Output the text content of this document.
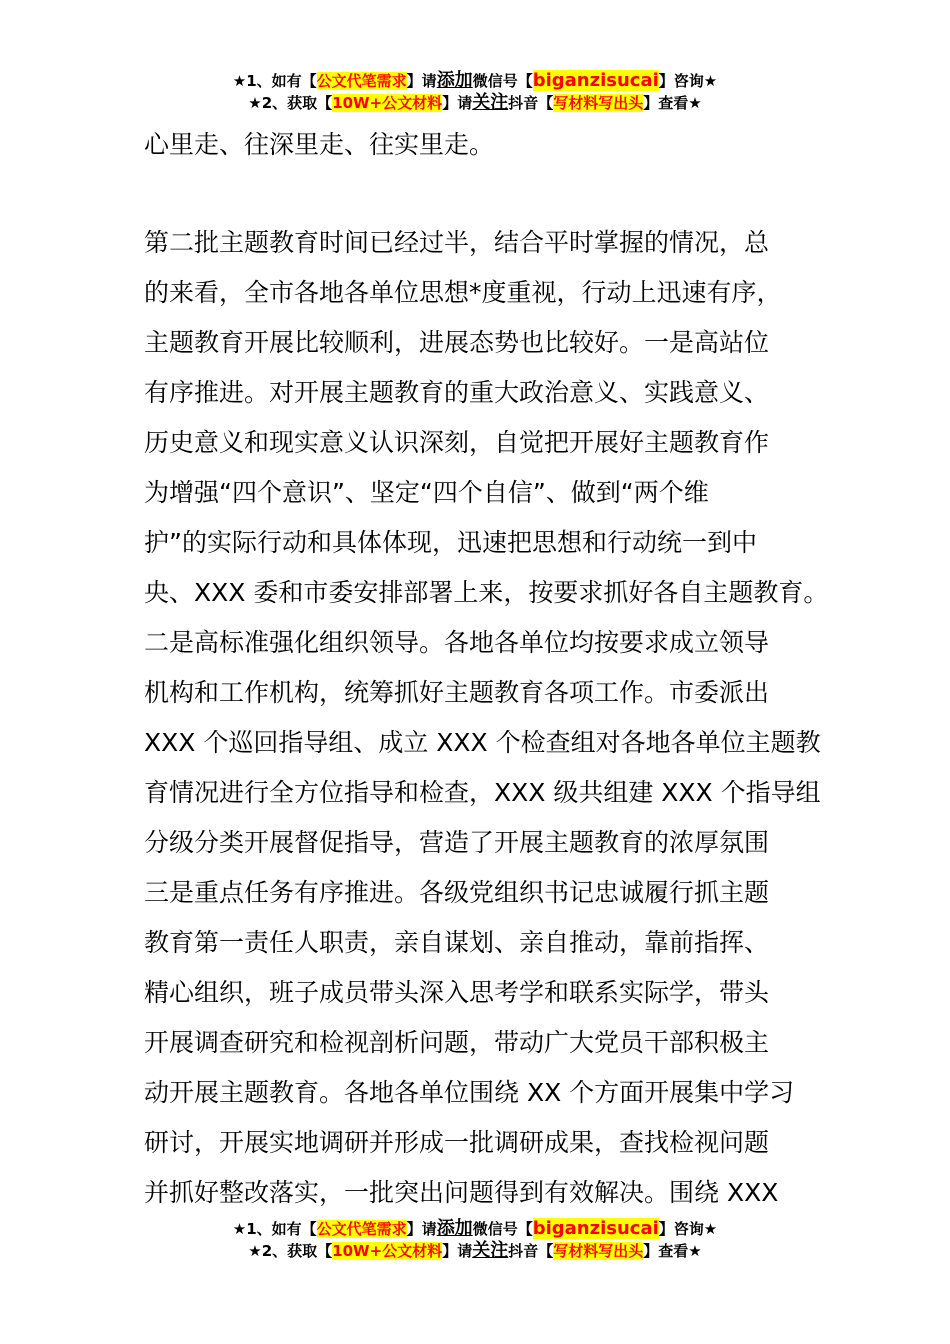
★1、如有【公文代笔需求】请添加微信号【biganzisucai】咨询★
★2、获取【10W+公文材料】请关注抖音【写材料写出头】查看★
心里走、往深里走、往实里走。
第二批主题教育时间已经过半，结合平时掌握的情况，总
的来看，全市各地各单位思想*度重视，行动上迅速有序，
主题教育开展比较顺利，进展态势也比较好。一是高站位
有序推进。对开展主题教育的重大政治意义、实践意义、
历史意义和现实意义认识深刻，自觉把开展好主题教育作
为增强“四个意识”、坚定“四个自信”、做到“两个维
护”的实际行动和具体体现，迅速把思想和行动统一到中
央、XXX 委和市委安排部署上来，按要求抓好各自主题教育。
二是高标准强化组织领导。各地各单位均按要求成立领导
机构和工作机构，统筹抓好主题教育各项工作。市委派出
XXX 个巡回指导组、成立 XXX 个检查组对各地各单位主题教
育情况进行全方位指导和检查，XXX 级共组建 XXX 个指导组
分级分类开展督促指导，营造了开展主题教育的浓厚氛围
三是重点任务有序推进。各级党组织书记忠诚履行抓主题
教育第一责任人职责，亲自谋划、亲自推动，靠前指挥、
精心组织，班子成员带头深入思考学和联系实际学，带头
开展调查研究和检视剖析问题，带动广大党员干部积极主
动开展主题教育。各地各单位围绕 XX 个方面开展集中学习
研讨，开展实地调研并形成一批调研成果，查找检视问题
并抓好整改落实，一批突出问题得到有效解决。围绕 XXX
★1、如有【公文代笔需求】请添加微信号【biganzisucai】咨询★
★2、获取【10W+公文材料】请关注抖音【写材料写出头】查看★
